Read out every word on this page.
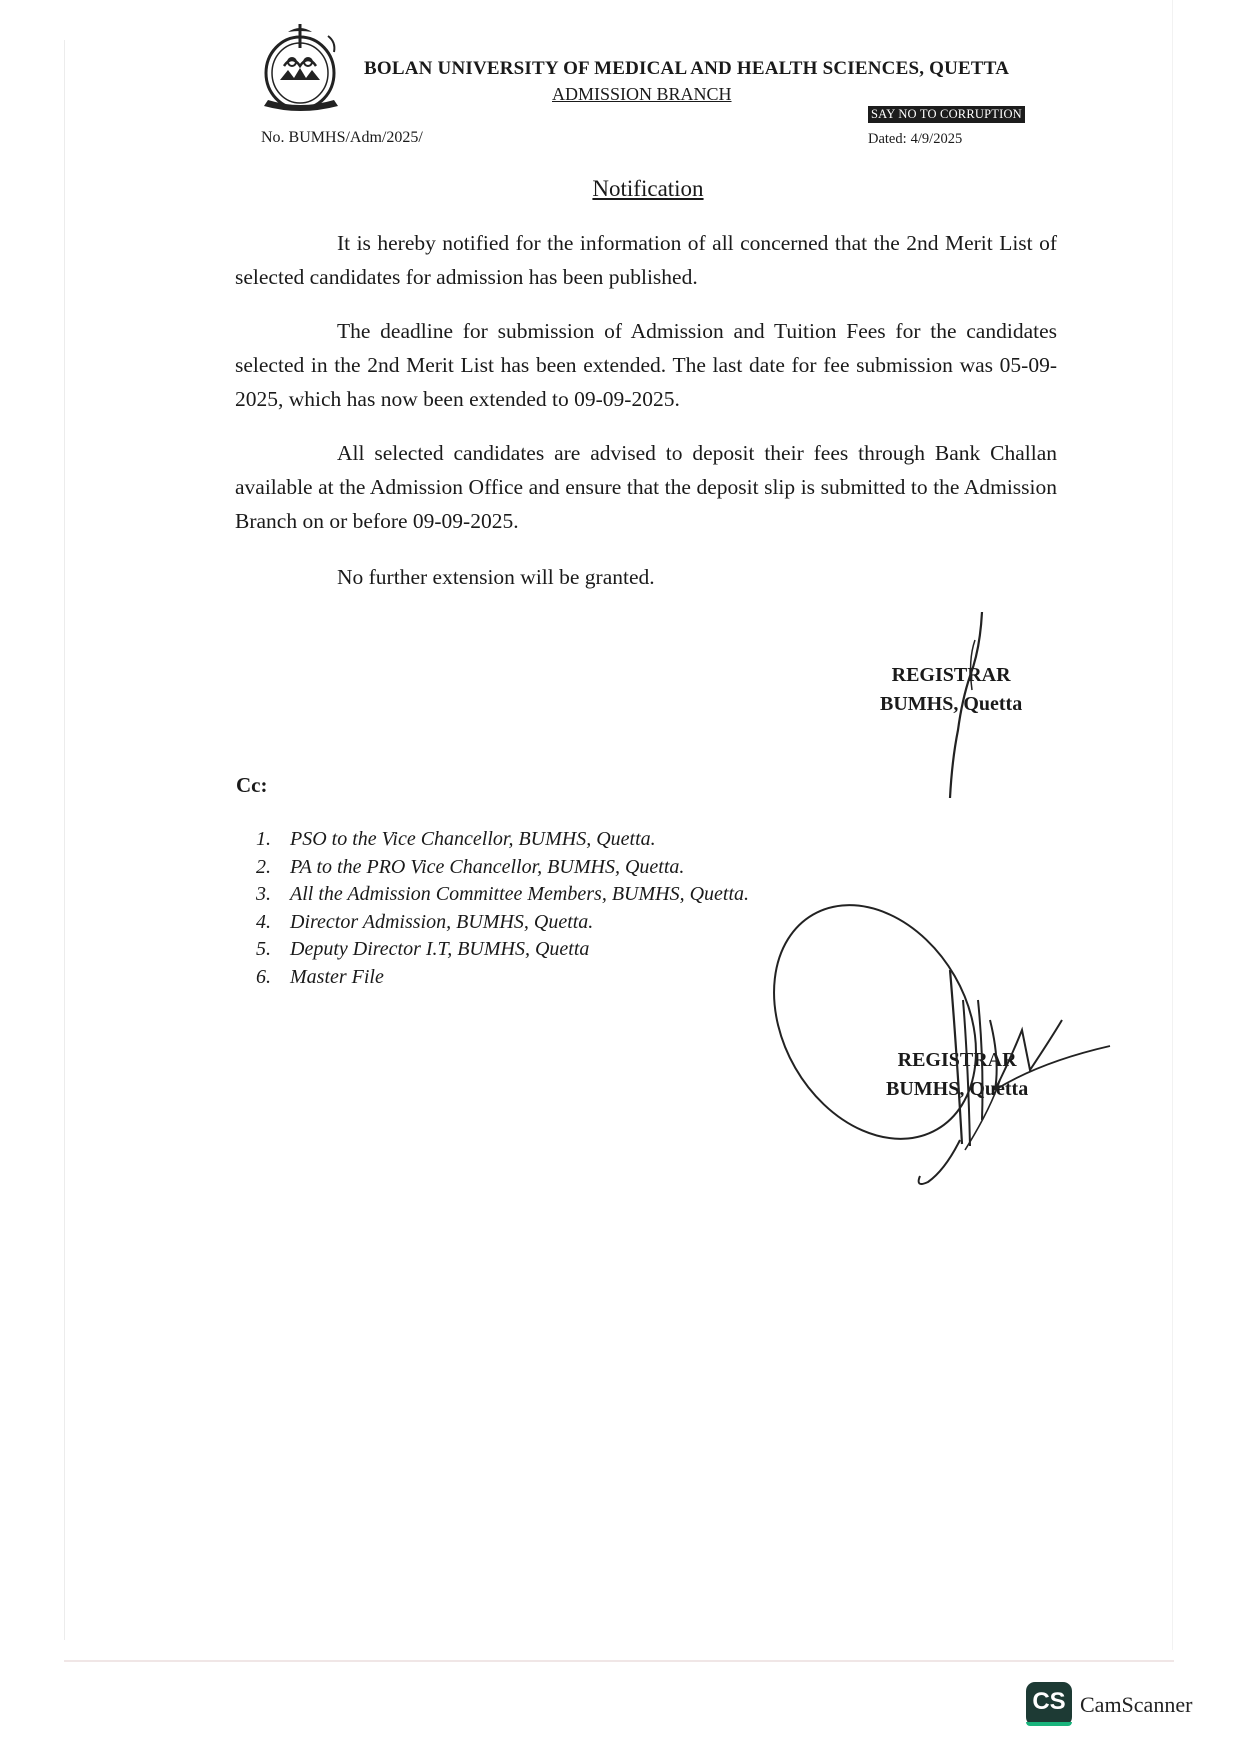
BOLAN UNIVERSITY OF MEDICAL AND HEALTH SCIENCES, QUETTA
ADMISSION BRANCH
SAY NO TO CORRUPTION
No. BUMHS/Adm/2025/	Dated: 4/9/2025
Notification
It is hereby notified for the information of all concerned that the 2nd Merit List of selected candidates for admission has been published.
The deadline for submission of Admission and Tuition Fees for the candidates selected in the 2nd Merit List has been extended. The last date for fee submission was 05-09-2025, which has now been extended to 09-09-2025.
All selected candidates are advised to deposit their fees through Bank Challan available at the Admission Office and ensure that the deposit slip is submitted to the Admission Branch on or before 09-09-2025.
No further extension will be granted.
REGISTRAR
BUMHS, Quetta
Cc:
1. PSO to the Vice Chancellor, BUMHS, Quetta.
2. PA to the PRO Vice Chancellor, BUMHS, Quetta.
3. All the Admission Committee Members, BUMHS, Quetta.
4. Director Admission, BUMHS, Quetta.
5. Deputy Director I.T, BUMHS, Quetta
6. Master File
REGISTRAR
BUMHS, Quetta
CS CamScanner
